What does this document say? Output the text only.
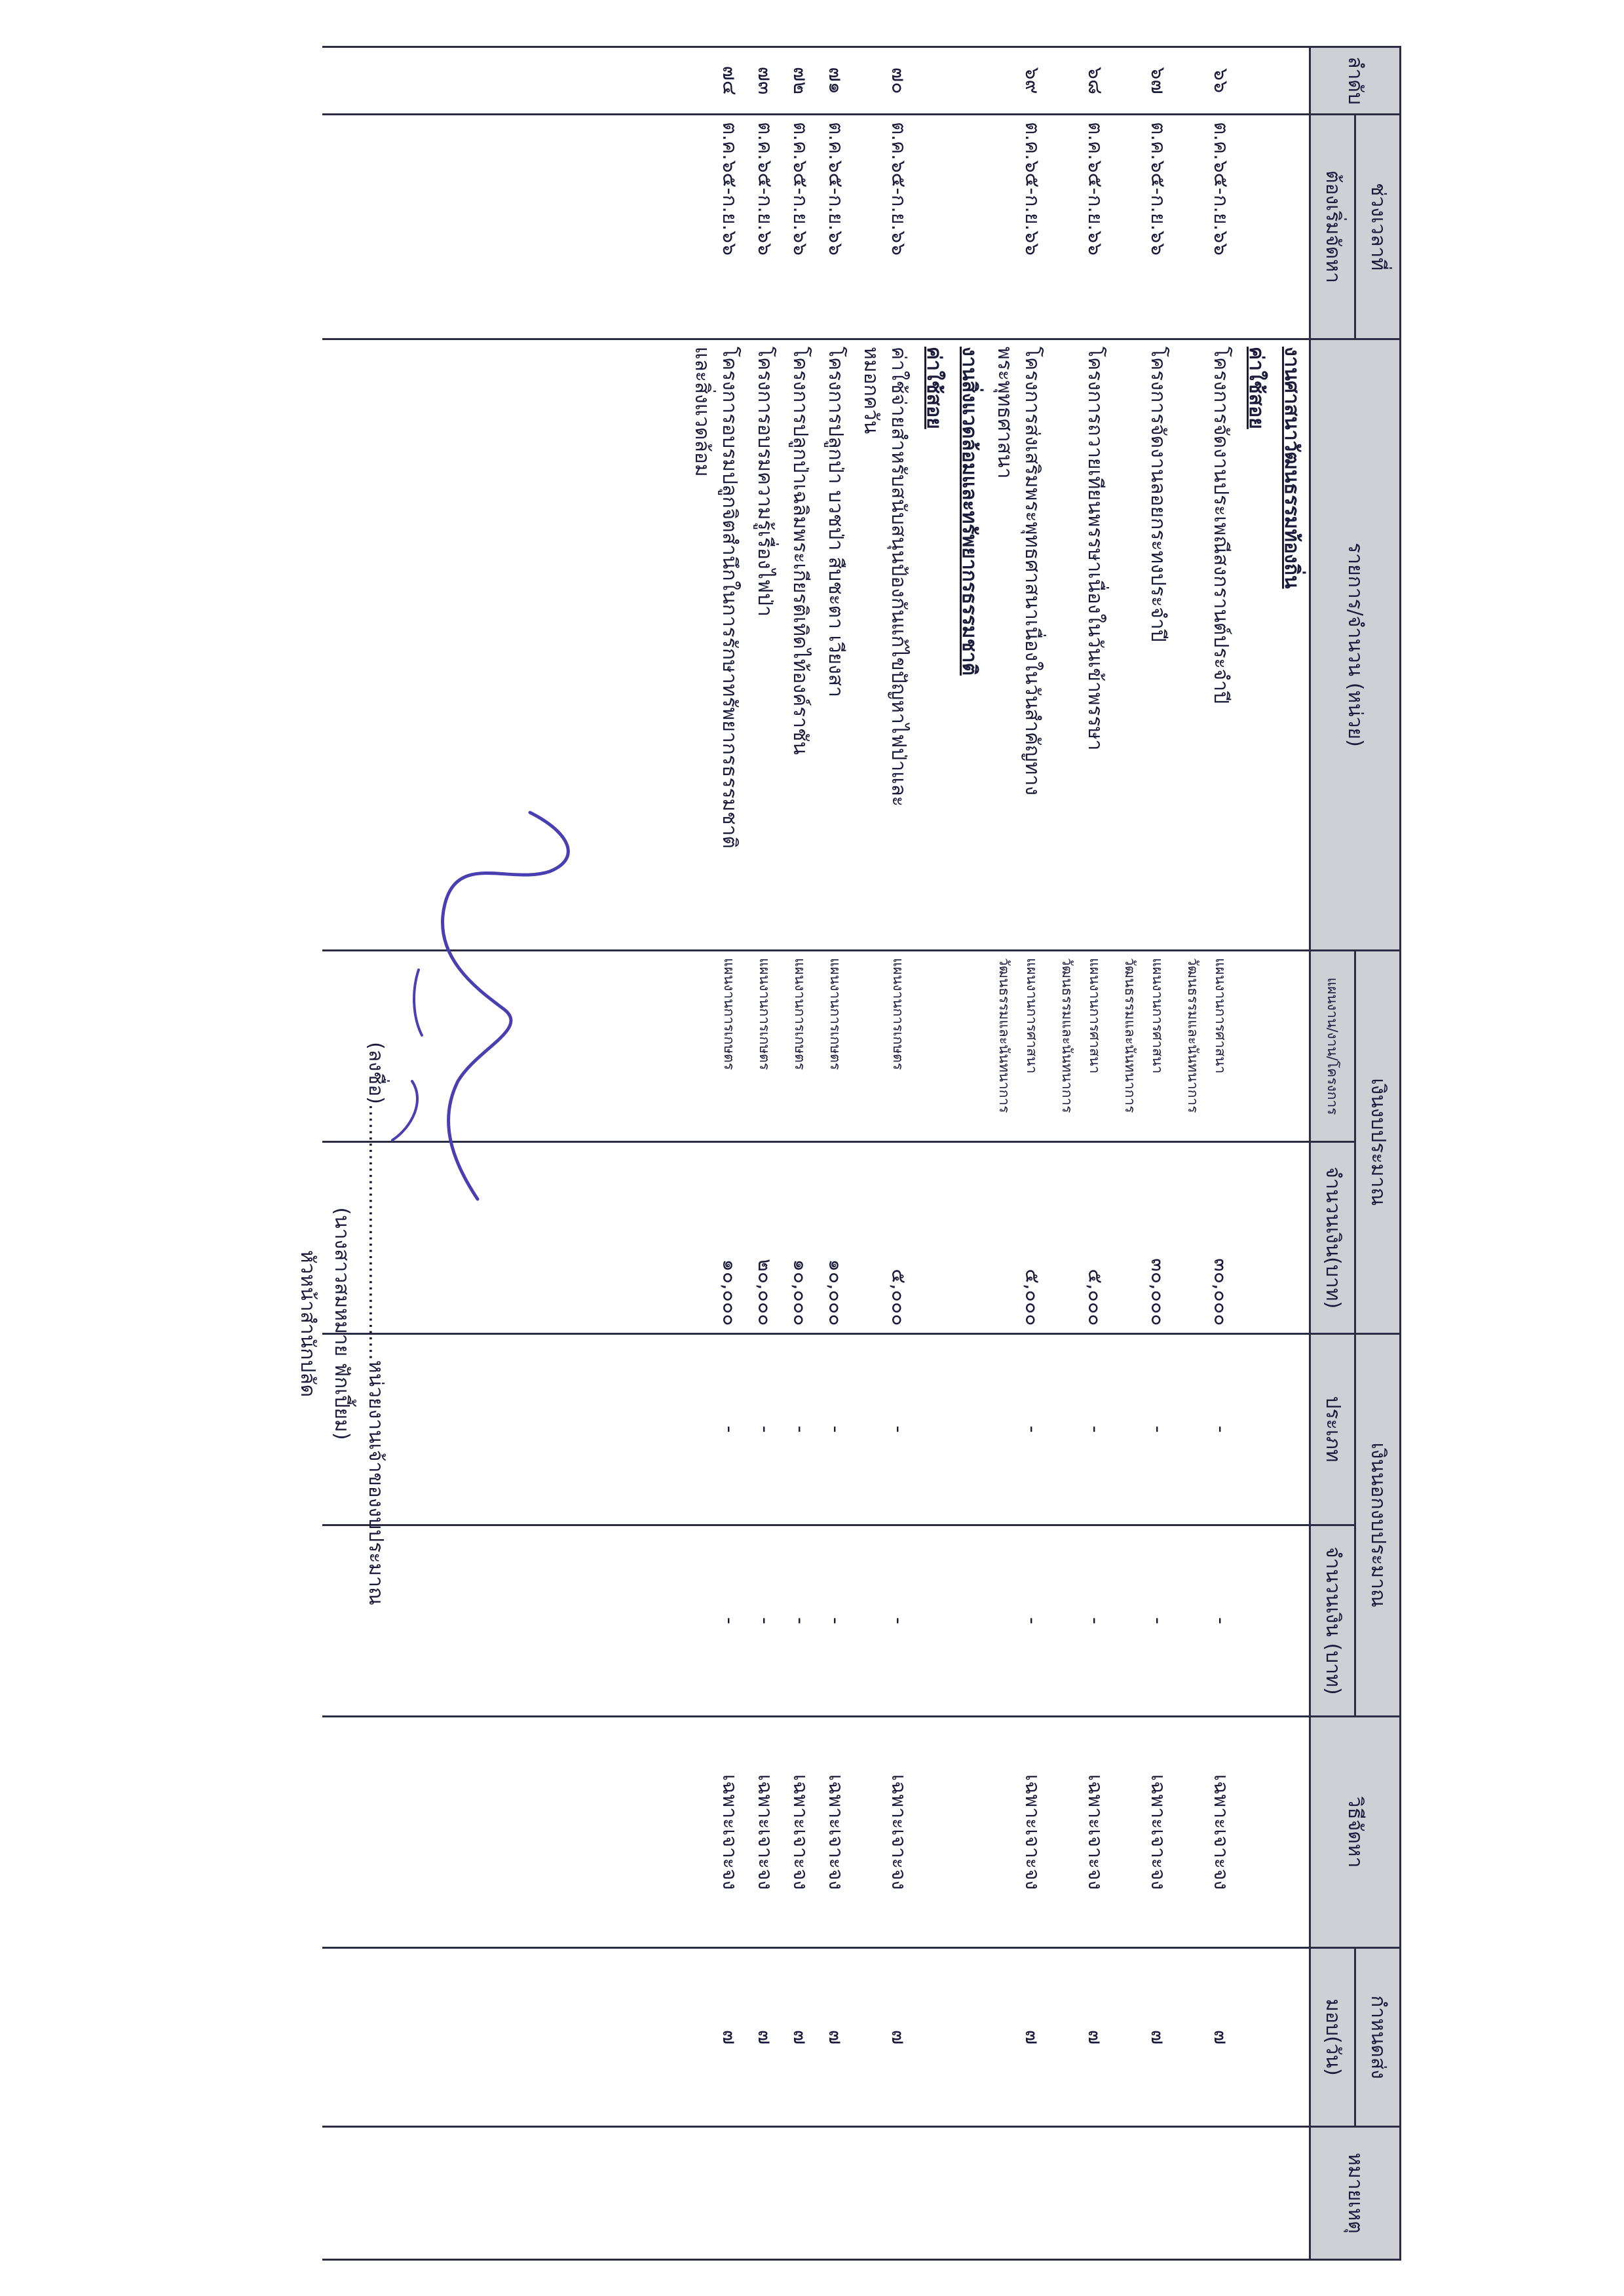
ลำดับ	ช่วงเวลาที่	รายการ/จำนวน (หน่วย)	เงินงบประมาณ		เงินนอกงบประมาณ		วิธีจัดหา	กำหนดส่ง	หมายเหตุ
	ต้องเริ่มจัดหา		แผนงาน/งาน/โครงการ	จำนวนเงิน(บาท)	ประเภท	จำนวนเงิน (บาท)		มอบ(วัน)	
		งานศาสนาวัฒนธรรมท้องถิ่น							
		ค่าใช้สอย							
๖๖	ต.ค.๖๕-ก.ย.๖๖	โครงการจัดงานประเพณีสงกรานต์ประจำปี	แผนงานการศาสนาวัฒนธรรมและนันทนาการ	๓๐,๐๐๐	-	-	เฉพาะเจาะจง	๗	
๖๗	ต.ค.๖๕-ก.ย.๖๖	โครงการจัดงานลอยกระทงประจำปี	แผนงานการศาสนาวัฒนธรรมและนันทนาการ	๓๐,๐๐๐	-	-	เฉพาะเจาะจง	๗	
๖๘	ต.ค.๖๕-ก.ย.๖๖	โครงการถวายเทียนพรรษาเนื่องในวันเข้าพรรษา	แผนงานการศาสนาวัฒนธรรมและนันทนาการ	๕,๐๐๐	-	-	เฉพาะเจาะจง	๗	
๖๙	ต.ค.๖๕-ก.ย.๖๖	โครงการส่งเสริมพระพุทธศาสนาเนื่องในวันสำคัญทาง
พระพุทธศาสนา	แผนงานการศาสนาวัฒนธรรมและนันทนาการ	๕,๐๐๐	-	-	เฉพาะเจาะจง	๗	
		งานสิ่งแวดล้อมและทรัพยากรธรรมชาติ							
		ค่าใช้สอย							
๗๐	ต.ค.๖๕-ก.ย.๖๖	ค่าใช้จ่ายสำหรับสนับสนุนป้องกันแก้ไขปัญหาไฟป่าและ
หมอกควัน	แผนงานการเกษตร	๕,๐๐๐	-	-	เฉพาะเจาะจง	๗	
๗๑	ต.ค.๖๕-ก.ย.๖๖	โครงการปลูกป่า บวชป่า สืบชะตา เวียงสา	แผนงานการเกษตร	๑๐,๐๐๐	-	-	เฉพาะเจาะจง	๗	
๗๒	ต.ค.๖๕-ก.ย.๖๖	โครงการปลูกป่าเฉลิมพระเกียรติเทิดไท้องค์ราชัน	แผนงานการเกษตร	๑๐,๐๐๐	-	-	เฉพาะเจาะจง	๗	
๗๓	ต.ค.๖๕-ก.ย.๖๖	โครงการอบรมความรู้เรื่องไฟป่า	แผนงานการเกษตร	๒๐,๐๐๐	-	-	เฉพาะเจาะจง	๗	
๗๔	ต.ค.๖๕-ก.ย.๖๖	โครงการอบรมปลูกจิตสำนึกในการรักษาทรัพยากรธรรมชาติ
และสิ่งแวดล้อม	แผนงานการเกษตร	๑๐,๐๐๐	-	-	เฉพาะเจาะจง	๗	

(ลงชื่อ).........................................หน่วยงานเจ้าของงบประมาณ
(นางสาวสมหมาย ฟักเปี้ยม)
หัวหน้าสำนักปลัด
